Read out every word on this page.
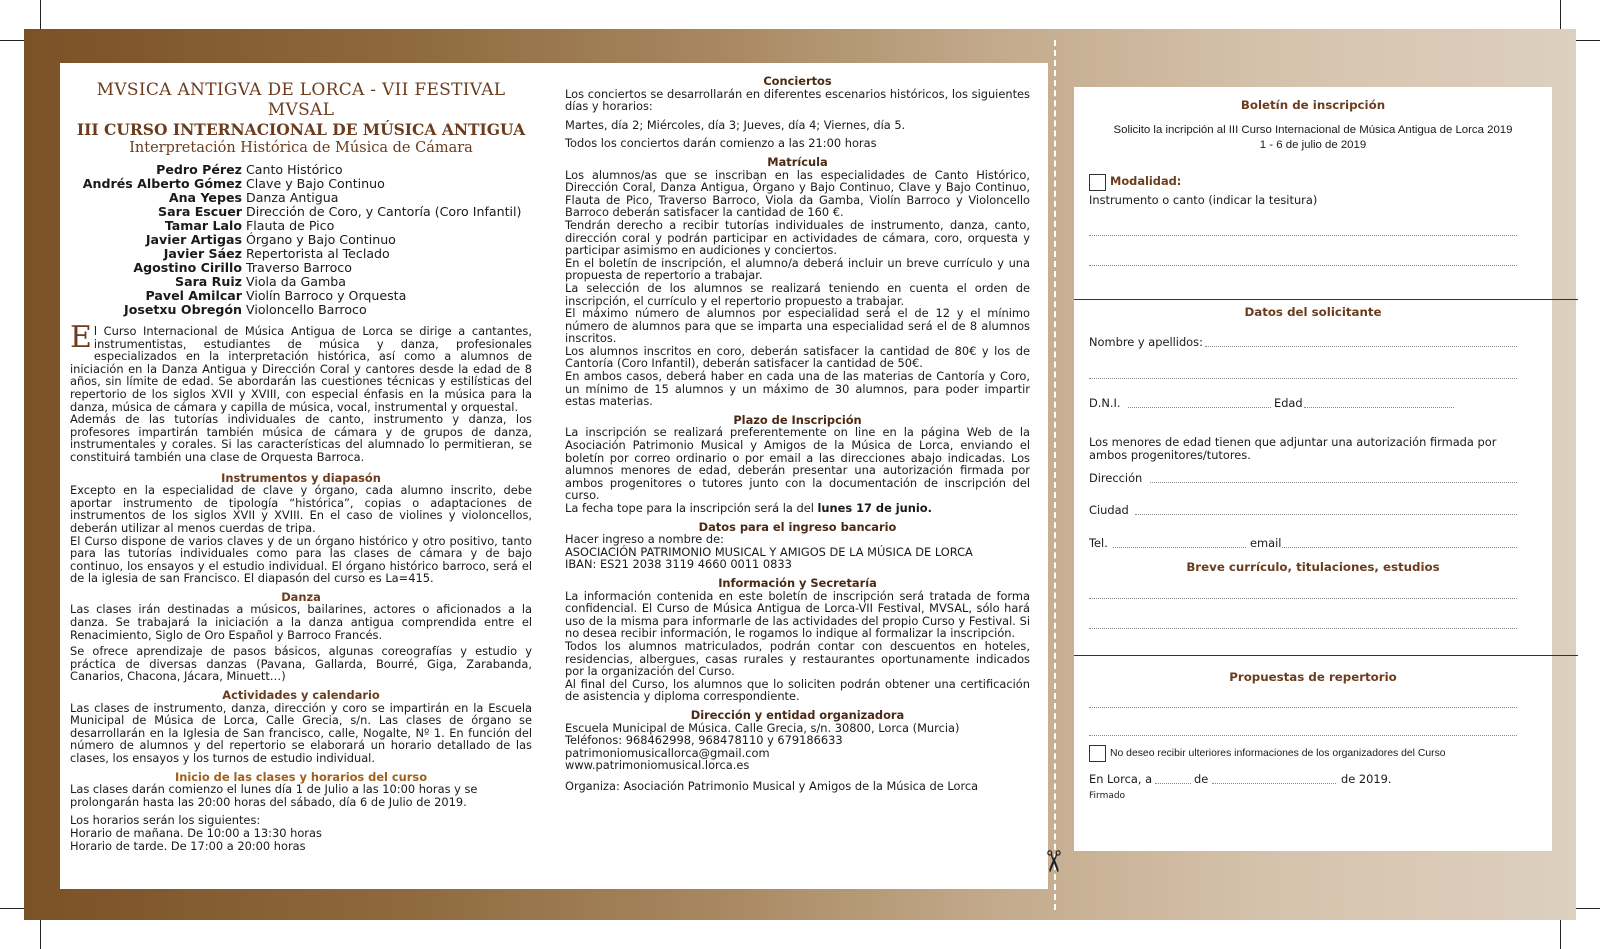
✂
MVSICA ANTIGVA DE LORCA - VII FESTIVAL MVSAL
III CURSO INTERNACIONAL DE MÚSICA ANTIGUA
Interpretación Histórica de Música de Cámara
Pedro Pérez Canto Histórico
Andrés Alberto Gómez Clave y Bajo Continuo
Ana Yepes Danza Antigua
Sara Escuer Dirección de Coro, y Cantoría (Coro Infantil)
Tamar Lalo Flauta de Pico
Javier Artigas Órgano y Bajo Continuo
Javier Sáez Repertorista al Teclado
Agostino Cirillo Traverso Barroco
Sara Ruiz Viola da Gamba
Pavel Amilcar Violín Barroco y Orquesta
Josetxu Obregón Violoncello Barroco
E l Curso Internacional de Música Antigua de Lorca se dirige a cantantes, instrumentistas, estudiantes de música y danza, profesionales especializados en la interpretación histórica, así como a alumnos de iniciación en la Danza Antigua y Dirección Coral y cantores desde la edad de 8 años, sin límite de edad. Se abordarán las cuestiones técnicas y estilísticas del repertorio de los siglos XVII y XVIII, con especial énfasis en la música para la danza, música de cámara y capilla de música, vocal, instrumental y orquestal.

Además de las tutorías individuales de canto, instrumento y danza, los profesores impartirán también música de cámara y de grupos de danza, instrumentales y corales. Si las características del alumnado lo permitieran, se constituirá también una clase de Orquesta Barroca.

Instrumentos y diapasón

Excepto en la especialidad de clave y órgano, cada alumno inscrito, debe aportar instrumento de tipología “histórica”, copias o adaptaciones de instrumentos de los siglos XVII y XVIII. En el caso de violines y violoncellos, deberán utilizar al menos cuerdas de tripa.

El Curso dispone de varios claves y de un órgano histórico y otro positivo, tanto para las tutorías individuales como para las clases de cámara y de bajo continuo, los ensayos y el estudio individual. El órgano histórico barroco, será el de la iglesia de san Francisco. El diapasón del curso es La=415.

Danza

Las clases irán destinadas a músicos, bailarines, actores o aficionados a la danza. Se trabajará la iniciación a la danza antigua comprendida entre el Renacimiento, Siglo de Oro Español y Barroco Francés.

Se ofrece aprendizaje de pasos básicos, algunas coreografías y estudio y práctica de diversas danzas (Pavana, Gallarda, Bourré, Giga, Zarabanda, Canarios, Chacona, Jácara, Minuett…)

Actividades y calendario

Las clases de instrumento, danza, dirección y coro se impartirán en la Escuela Municipal de Música de Lorca, Calle Grecia, s/n. Las clases de órgano se desarrollarán en la Iglesia de San francisco, calle, Nogalte, Nº 1. En función del número de alumnos y del repertorio se elaborará un horario detallado de las clases, los ensayos y los turnos de estudio individual.

Inicio de las clases y horarios del curso

Las clases darán comienzo el lunes día 1 de Julio a las 10:00 horas y se prolongarán hasta las 20:00 horas del sábado, día 6 de Julio de 2019.

Los horarios serán los siguientes:

Horario de mañana. De 10:00 a 13:30 horas

Horario de tarde. De 17:00 a 20:00 horas

Conciertos

Los conciertos se desarrollarán en diferentes escenarios históricos, los siguientes días y horarios:

Martes, día 2; Miércoles, día 3; Jueves, día 4; Viernes, día 5.

Todos los conciertos darán comienzo a las 21:00 horas

Matrícula

Los alumnos/as que se inscriban en las especialidades de Canto Histórico, Dirección Coral, Danza Antigua, Órgano y Bajo Continuo, Clave y Bajo Continuo, Flauta de Pico, Traverso Barroco, Viola da Gamba, Violín Barroco y Violoncello Barroco deberán satisfacer la cantidad de 160 €.

Tendrán derecho a recibir tutorías individuales de instrumento, danza, canto, dirección coral y podrán participar en actividades de cámara, coro, orquesta y participar asimismo en audiciones y conciertos.

En el boletín de inscripción, el alumno/a deberá incluir un breve currículo y una propuesta de repertorio a trabajar.

La selección de los alumnos se realizará teniendo en cuenta el orden de inscripción, el currículo y el repertorio propuesto a trabajar.

El máximo número de alumnos por especialidad será el de 12 y el mínimo número de alumnos para que se imparta una especialidad será el de 8 alumnos inscritos.

Los alumnos inscritos en coro, deberán satisfacer la cantidad de 80€ y los de Cantoría (Coro Infantil), deberán satisfacer la cantidad de 50€.

En ambos casos, deberá haber en cada una de las materias de Cantoría y Coro, un mínimo de 15 alumnos y un máximo de 30 alumnos, para poder impartir estas materias.

Plazo de Inscripción

La inscripción se realizará preferentemente on line en la página Web de la Asociación Patrimonio Musical y Amigos de la Música de Lorca, enviando el boletín por correo ordinario o por email a las direcciones abajo indicadas. Los alumnos menores de edad, deberán presentar una autorización firmada por ambos progenitores o tutores junto con la documentación de inscripción del curso.

La fecha tope para la inscripción será la del lunes 17 de junio.

Datos para el ingreso bancario

Hacer ingreso a nombre de:

ASOCIACIÓN PATRIMONIO MUSICAL Y AMIGOS DE LA MÚSICA DE LORCA

IBAN: ES21 2038 3119 4660 0011 0833

Información y Secretaría

La información contenida en este boletín de inscripción será tratada de forma confidencial. El Curso de Música Antigua de Lorca-VII Festival, MVSAL, sólo hará uso de la misma para informarle de las actividades del propio Curso y Festival. Si no desea recibir información, le rogamos lo indique al formalizar la inscripción.

Todos los alumnos matriculados, podrán contar con descuentos en hoteles, residencias, albergues, casas rurales y restaurantes oportunamente indicados por la organización del Curso.

Al final del Curso, los alumnos que lo soliciten podrán obtener una certificación de asistencia y diploma correspondiente.

Dirección y entidad organizadora

Escuela Municipal de Música. Calle Grecia, s/n. 30800, Lorca (Murcia)

Teléfonos: 968462998, 968478110 y 679186633

patrimoniomusicallorca@gmail.com

www.patrimoniomusical.lorca.es

Organiza: Asociación Patrimonio Musical y Amigos de la Música de Lorca

Boletín de inscripción
Solicito la incripción al III Curso Internacional de Música Antigua de Lorca 2019
1 - 6 de julio de 2019
Modalidad:
Instrumento o canto (indicar la tesitura)
Datos del solicitante
Nombre y apellidos:
D.N.I.	Edad
Los menores de edad tienen que adjuntar una autorización firmada por ambos progenitores/tutores.
Dirección
Ciudad
Tel.	email
Breve currículo, titulaciones, estudios
Propuestas de repertorio
No deseo recibir ulteriores informaciones de los organizadores del Curso
En Lorca, a	de	de 2019.
Firmado
